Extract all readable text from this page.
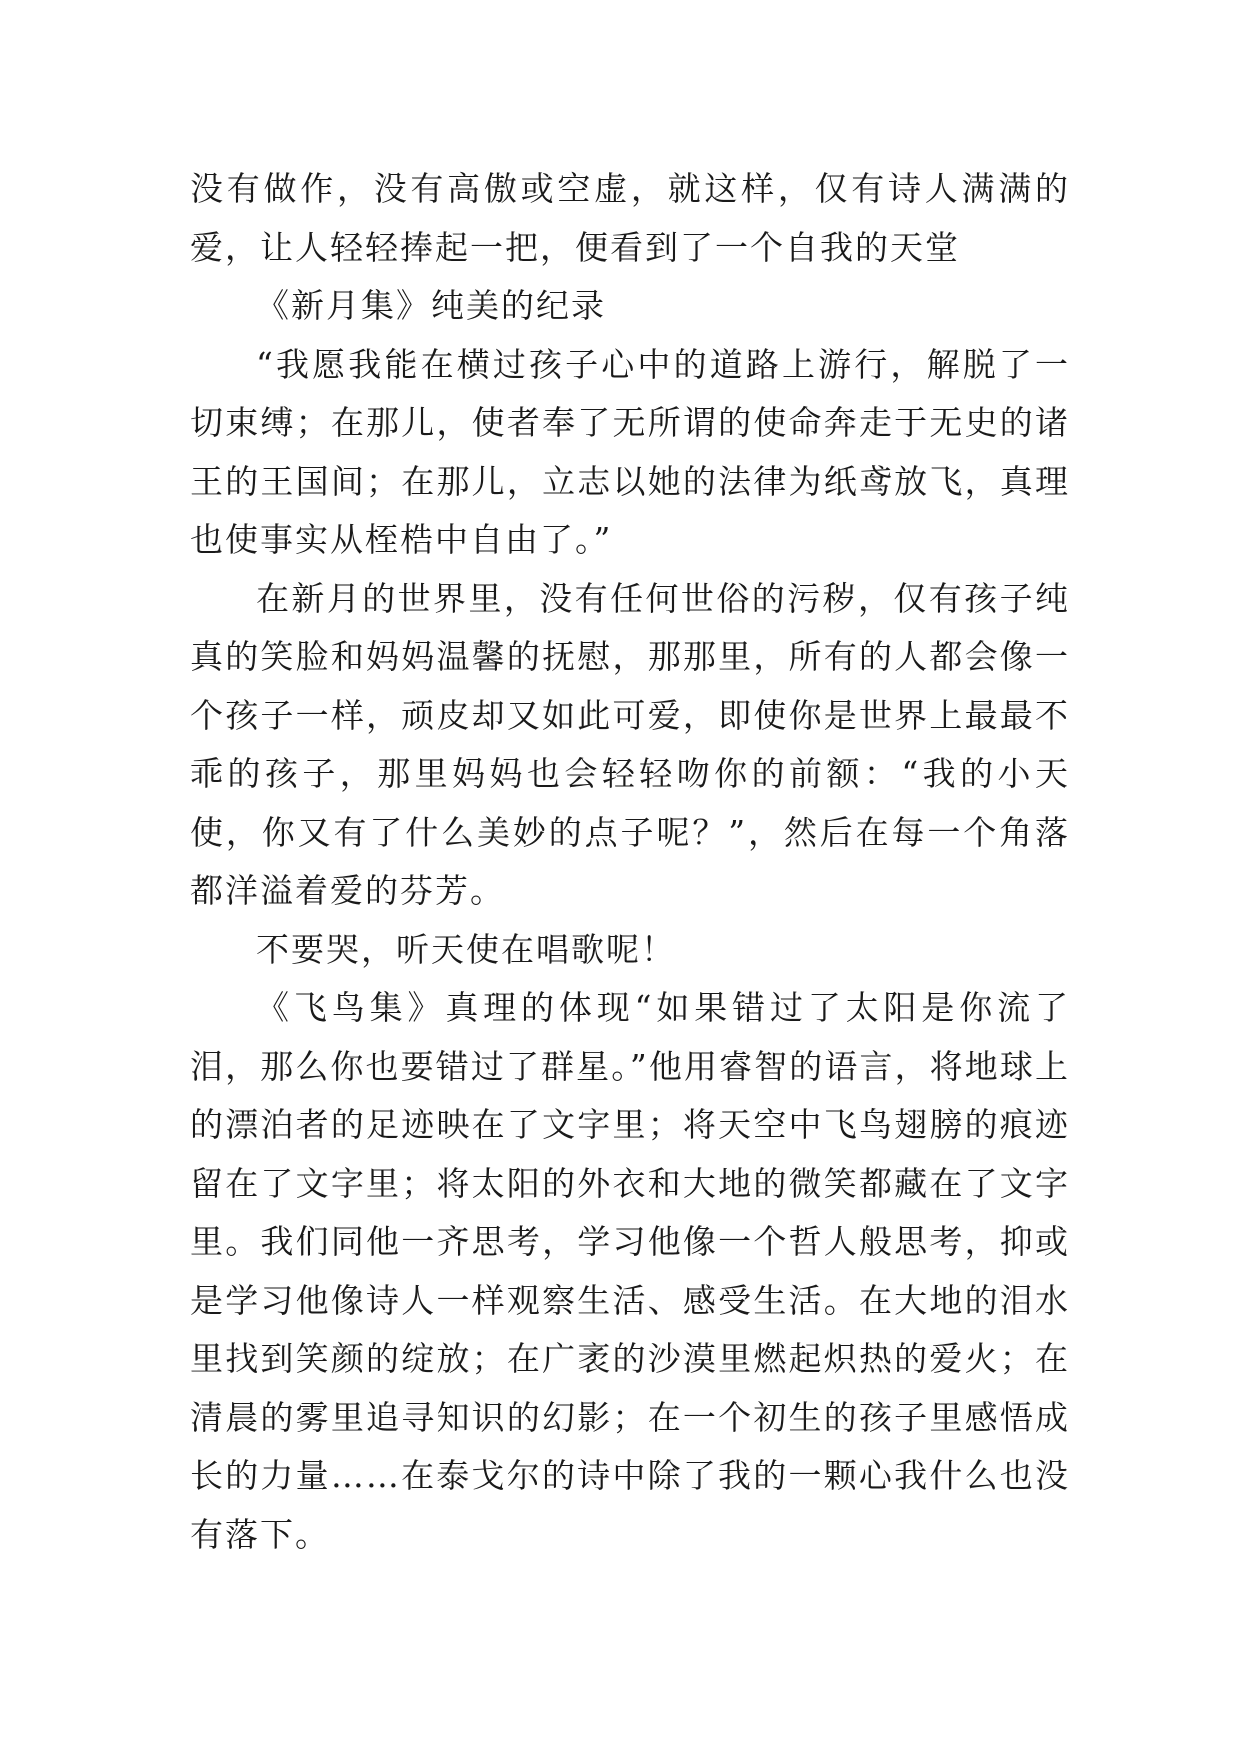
没有做作，没有高傲或空虚，就这样，仅有诗人满满的爱，让人轻轻捧起一把，便看到了一个自我的天堂

《新月集》纯美的纪录

“我愿我能在横过孩子心中的道路上游行，解脱了一切束缚；在那儿，使者奉了无所谓的使命奔走于无史的诸王的王国间；在那儿，立志以她的法律为纸鸢放飞，真理也使事实从桎梏中自由了。”

在新月的世界里，没有任何世俗的污秽，仅有孩子纯真的笑脸和妈妈温馨的抚慰，那那里，所有的人都会像一个孩子一样，顽皮却又如此可爱，即使你是世界上最最不乖的孩子，那里妈妈也会轻轻吻你的前额：“我的小天使，你又有了什么美妙的点子呢？”，然后在每一个角落都洋溢着爱的芬芳。

不要哭，听天使在唱歌呢！

《飞鸟集》真理的体现“如果错过了太阳是你流了泪，那么你也要错过了群星。”他用睿智的语言，将地球上的漂泊者的足迹映在了文字里；将天空中飞鸟翅膀的痕迹留在了文字里；将太阳的外衣和大地的微笑都藏在了文字里。我们同他一齐思考，学习他像一个哲人般思考，抑或是学习他像诗人一样观察生活、感受生活。在大地的泪水里找到笑颜的绽放；在广袤的沙漠里燃起炽热的爱火；在清晨的雾里追寻知识的幻影；在一个初生的孩子里感悟成长的力量……在泰戈尔的诗中除了我的一颗心我什么也没有落下。
